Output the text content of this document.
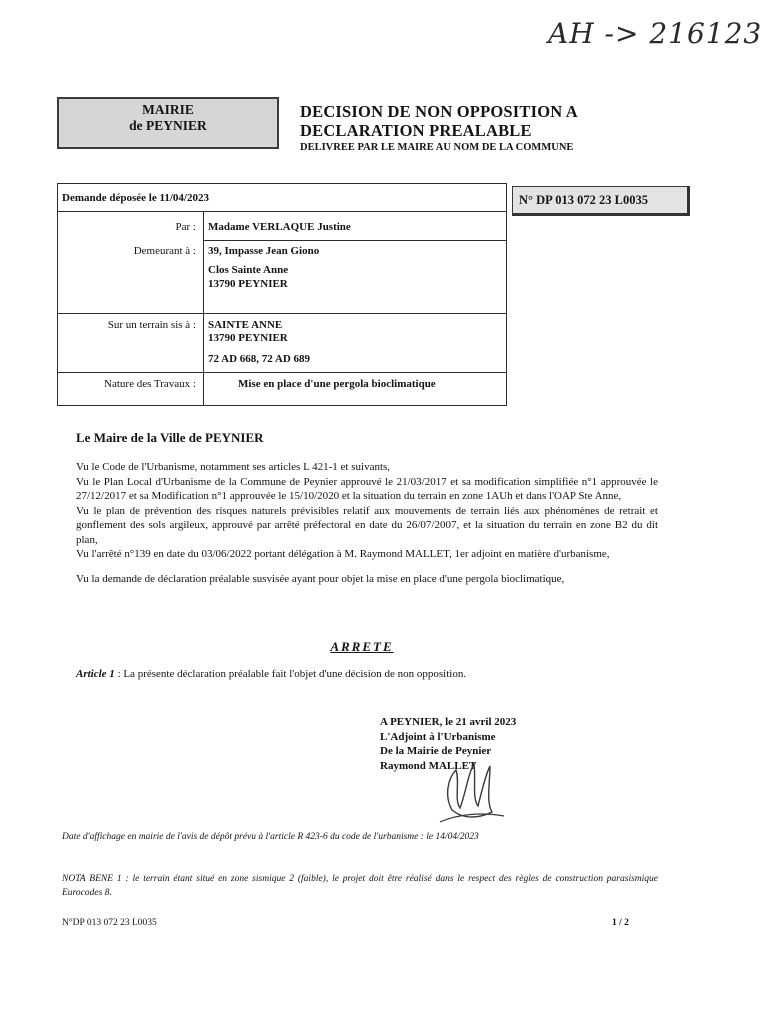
AH -> 216123
MAIRIE
de PEYNIER
DECISION DE NON OPPOSITION A
DECLARATION PREALABLE
DELIVREE PAR LE MAIRE AU NOM DE LA COMMUNE
Demande déposée le 11/04/2023
Par : Madame VERLAQUE Justine
Demeurant à : 39, Impasse Jean Giono
Clos Sainte Anne
13790 PEYNIER
Sur un terrain sis à : SAINTE ANNE
13790 PEYNIER
72 AD 668, 72 AD 689
Nature des Travaux :	Mise en place d'une pergola bioclimatique
N° DP 013 072 23 L0035
Le Maire de la Ville de PEYNIER

Vu le Code de l'Urbanisme, notamment ses articles L 421-1 et suivants,

Vu le Plan Local d'Urbanisme de la Commune de Peynier approuvé le 21/03/2017 et sa modification simplifiée n°1 approuvée le 27/12/2017 et sa Modification n°1 approuvée le 15/10/2020 et la situation du terrain en zone 1AUh et dans l'OAP Ste Anne,

Vu le plan de prévention des risques naturels prévisibles relatif aux mouvements de terrain liés aux phénomènes de retrait et gonflement des sols argileux, approuvé par arrêté préfectoral en date du 26/07/2007, et la situation du terrain en zone B2 du dit plan,

Vu l'arrêté n°139 en date du 03/06/2022 portant délégation à M. Raymond MALLET, 1er adjoint en matière d'urbanisme,

Vu la demande de déclaration préalable susvisée ayant pour objet la mise en place d'une pergola bioclimatique,

ARRETE
Article 1 : La présente déclaration préalable fait l'objet d'une décision de non opposition.
A PEYNIER, le 21 avril 2023
L'Adjoint à l'Urbanisme
De la Mairie de Peynier
Raymond MALLET
Date d'affichage en mairie de l'avis de dépôt prévu à l'article R 423-6 du code de l'urbanisme : le 14/04/2023
NOTA BENE 1 : le terrain étant situé en zone sismique 2 (faible), le projet doit être réalisé dans le respect des règles de construction parasismique Eurocodes 8.
N°DP 013 072 23 L0035	1 / 2
